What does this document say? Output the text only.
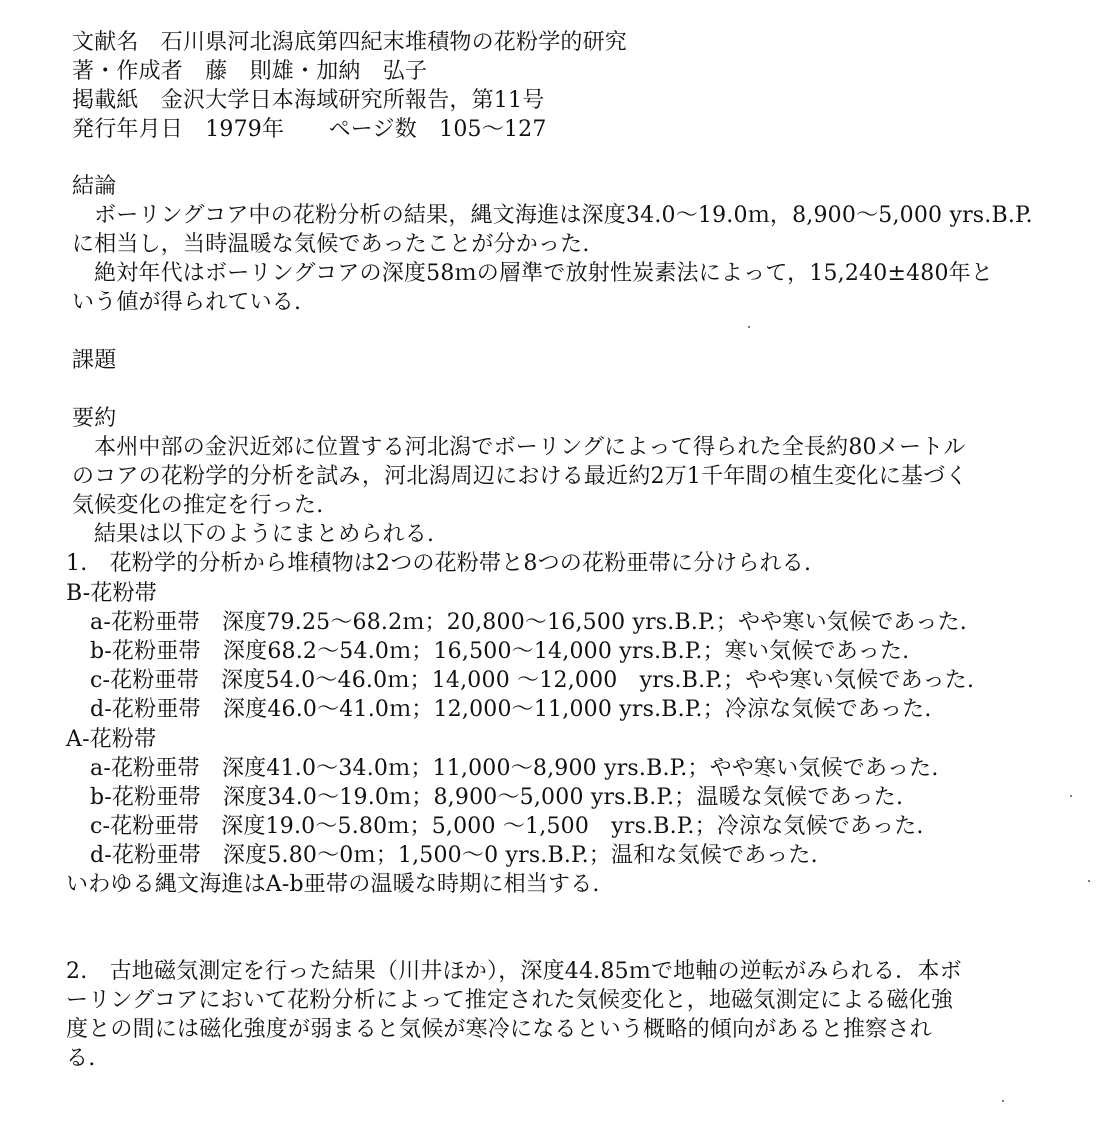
文献名　石川県河北潟底第四紀末堆積物の花粉学的研究
著・作成者　藤　則雄・加納　弘子
掲載紙　金沢大学日本海域研究所報告，第11号
発行年月日　1979年　　ページ数　105～127
結論
ボーリングコア中の花粉分析の結果，縄文海進は深度34.0～19.0ｍ，8,900～5,000 yrs.B.P.
に相当し，当時温暖な気候であったことが分かった.
絶対年代はボーリングコアの深度58ｍの層準で放射性炭素法によって，15,240±480年と
いう値が得られている.
課題
要約
本州中部の金沢近郊に位置する河北潟でボーリングによって得られた全長約80メートル
のコアの花粉学的分析を試み，河北潟周辺における最近約2万1千年間の植生変化に基づく
気候変化の推定を行った.
結果は以下のようにまとめられる.
1.　花粉学的分析から堆積物は2つの花粉帯と8つの花粉亜帯に分けられる.
B-花粉帯
a-花粉亜帯　深度79.25～68.2ｍ；20,800～16,500 yrs.B.P.；やや寒い気候であった.
b-花粉亜帯　深度68.2～54.0ｍ；16,500～14,000 yrs.B.P.；寒い気候であった.
c-花粉亜帯　深度54.0～46.0ｍ；14,000 ～12,000　yrs.B.P.；やや寒い気候であった.
d-花粉亜帯　深度46.0～41.0ｍ；12,000～11,000 yrs.B.P.；冷涼な気候であった.
A-花粉帯
a-花粉亜帯　深度41.0～34.0ｍ；11,000～8,900 yrs.B.P.；やや寒い気候であった.
b-花粉亜帯　深度34.0～19.0ｍ；8,900～5,000 yrs.B.P.；温暖な気候であった.
c-花粉亜帯　深度19.0～5.80ｍ；5,000 ～1,500　yrs.B.P.；冷涼な気候であった.
d-花粉亜帯　深度5.80～0ｍ；1,500～0 yrs.B.P.；温和な気候であった.
いわゆる縄文海進はA-b亜帯の温暖な時期に相当する.
2.　古地磁気測定を行った結果（川井ほか），深度44.85ｍで地軸の逆転がみられる．本ボ
ーリングコアにおいて花粉分析によって推定された気候変化と，地磁気測定による磁化強
度との間には磁化強度が弱まると気候が寒冷になるという概略的傾向があると推察され
る.
